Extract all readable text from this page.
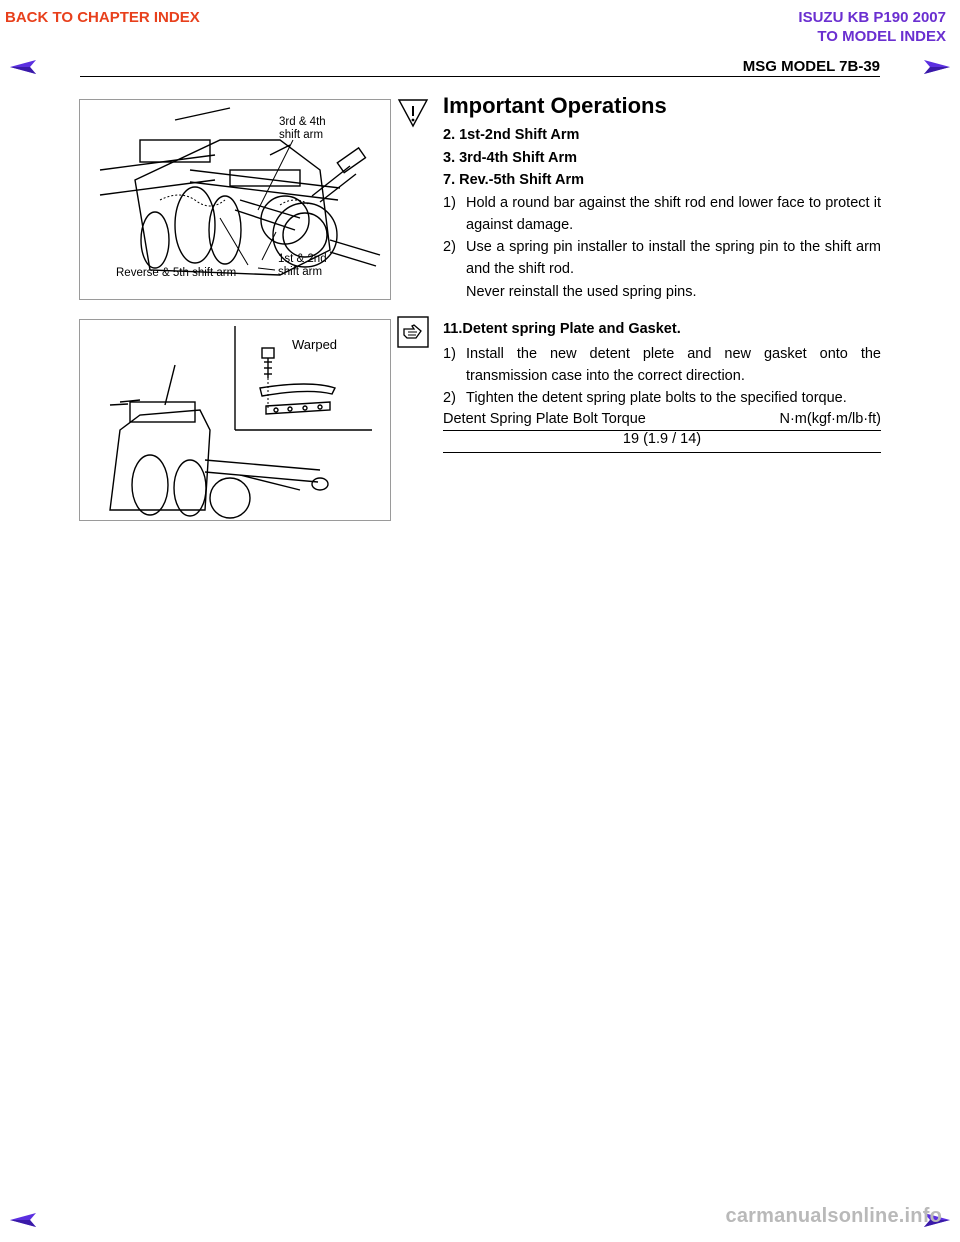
BACK TO CHAPTER INDEX	ISUZU KB P190 2007
TO MODEL INDEX
MSG MODEL 7B-39
3rd & 4th
shift arm
1st & 2nd
shift arm
Reverse & 5th shift arm
Warped
Important Operations
2. 1st-2nd Shift Arm
3. 3rd-4th Shift Arm
7. Rev.-5th Shift Arm
1) Hold a round bar against the shift rod end lower face to protect it against damage.
2) Use a spring pin installer to install the spring pin to the shift arm and the shift rod.
Never reinstall the used spring pins.
11.Detent spring Plate and Gasket.
1) Install the new detent plete and new gasket onto the transmission case into the correct direction.
2) Tighten the detent spring plate bolts to the specified torque.
Detent Spring Plate Bolt Torque	N·m(kgf·m/lb·ft)
19 (1.9 / 14)
carmanualsonline.info
